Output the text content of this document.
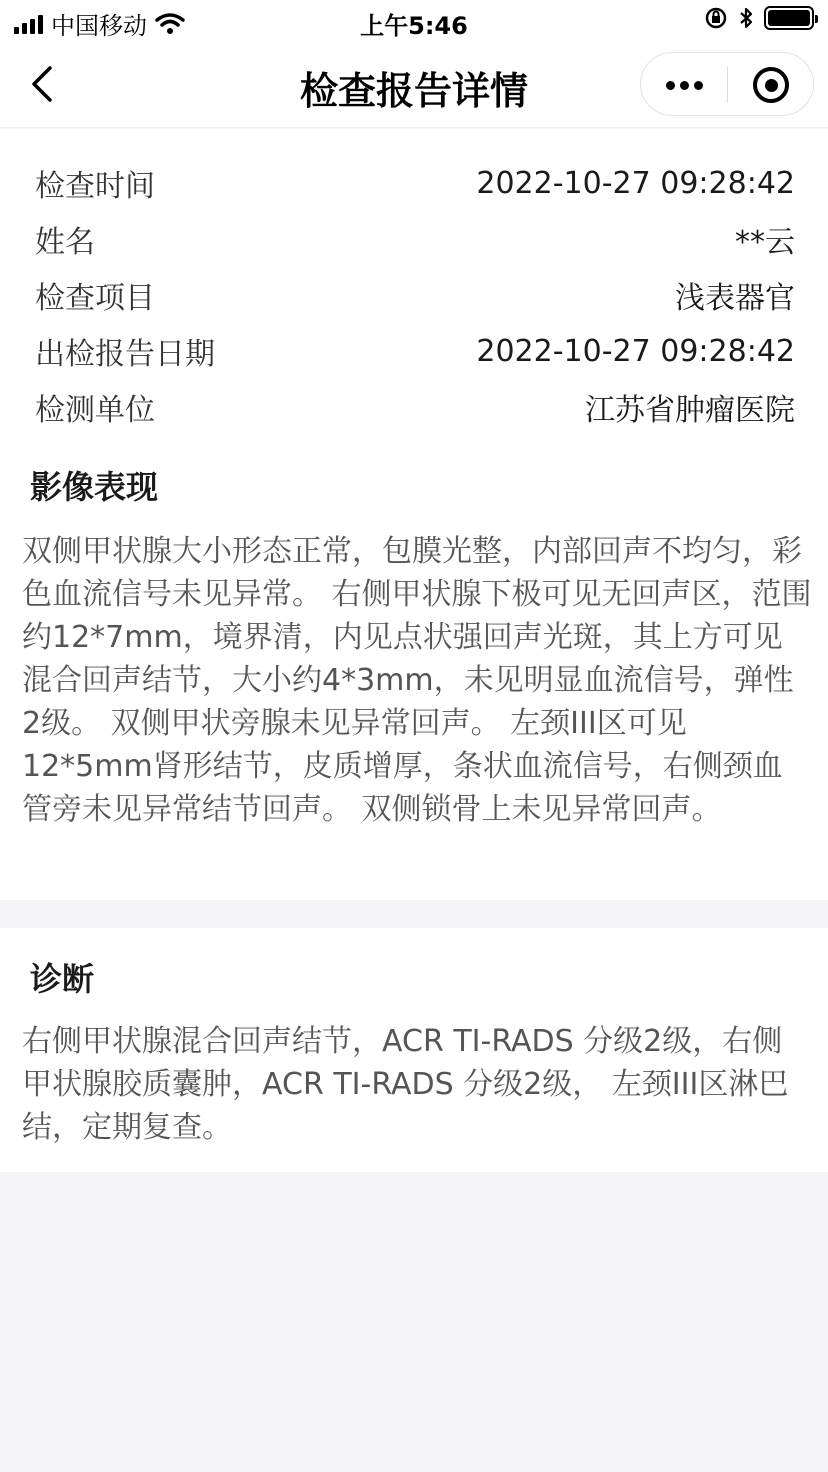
中国移动	上午5:46
检查报告详情
检查时间	2022-10-27 09:28:42
姓名	**云
检查项目	浅表器官
出检报告日期	2022-10-27 09:28:42
检测单位	江苏省肿瘤医院
影像表现

双侧甲状腺大小形态正常，包膜光整，内部回声不均匀，彩色血流信号未见异常。 右侧甲状腺下极可见无回声区，范围约12*7mm，境界清，内见点状强回声光斑，其上方可见混合回声结节，大小约4*3mm，未见明显血流信号，弹性2级。 双侧甲状旁腺未见异常回声。 左颈III区可见12*5mm肾形结节，皮质增厚，条状血流信号，右侧颈血管旁未见异常结节回声。 双侧锁骨上未见异常回声。

诊断

右侧甲状腺混合回声结节，ACR TI-RADS 分级2级，右侧甲状腺胶质囊肿，ACR TI-RADS 分级2级， 左颈III区淋巴结，定期复查。
